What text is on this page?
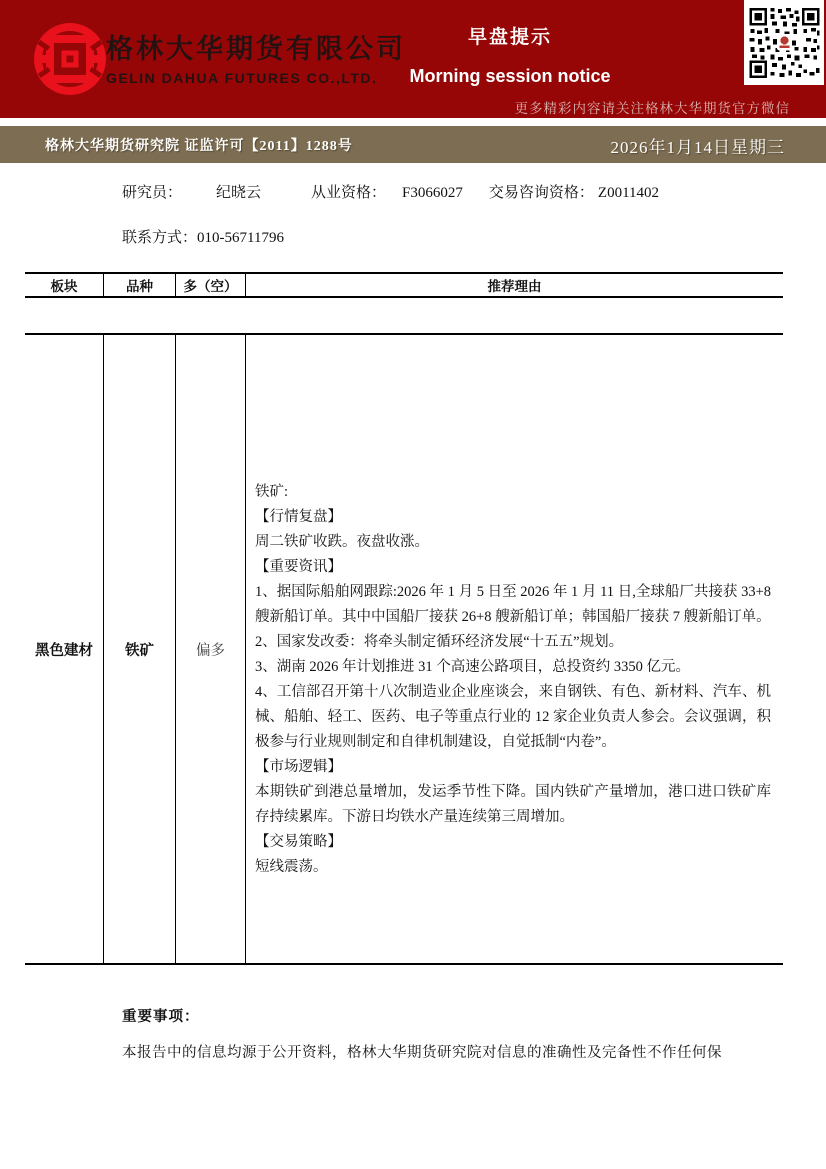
格林大华期货有限公司
GELIN DAHUA FUTURES CO.,LTD.
早盘提示
Morning session notice
更多精彩内容请关注格林大华期货官方微信
格林大华期货研究院 证监许可【2011】1288号	2026年1月14日星期三
研究员： 纪晓云	从业资格： F3066027 交易咨询资格： Z0011402
联系方式：010-56711796
板块	品种	多（空）	推荐理由
黑色建材	铁矿	偏多

铁矿:

【行情复盘】

周二铁矿收跌。夜盘收涨。

【重要资讯】

1、据国际船舶网跟踪:2026 年 1 月 5 日至 2026 年 1 月 11 日,全球船厂共接获 33+8 艘新船订单。其中中国船厂接获 26+8 艘新船订单；韩国船厂接获 7 艘新船订单。

2、国家发改委：将牵头制定循环经济发展“十五五”规划。

3、湖南 2026 年计划推进 31 个高速公路项目，总投资约 3350 亿元。

4、工信部召开第十八次制造业企业座谈会，来自钢铁、有色、新材料、汽车、机械、船舶、轻工、医药、电子等重点行业的 12 家企业负责人参会。会议强调，积极参与行业规则制定和自律机制建设，自觉抵制“内卷”。

【市场逻辑】

本期铁矿到港总量增加，发运季节性下降。国内铁矿产量增加，港口进口铁矿库存持续累库。下游日均铁水产量连续第三周增加。

【交易策略】

短线震荡。

重要事项：
本报告中的信息均源于公开资料，格林大华期货研究院对信息的准确性及完备性不作任何保
